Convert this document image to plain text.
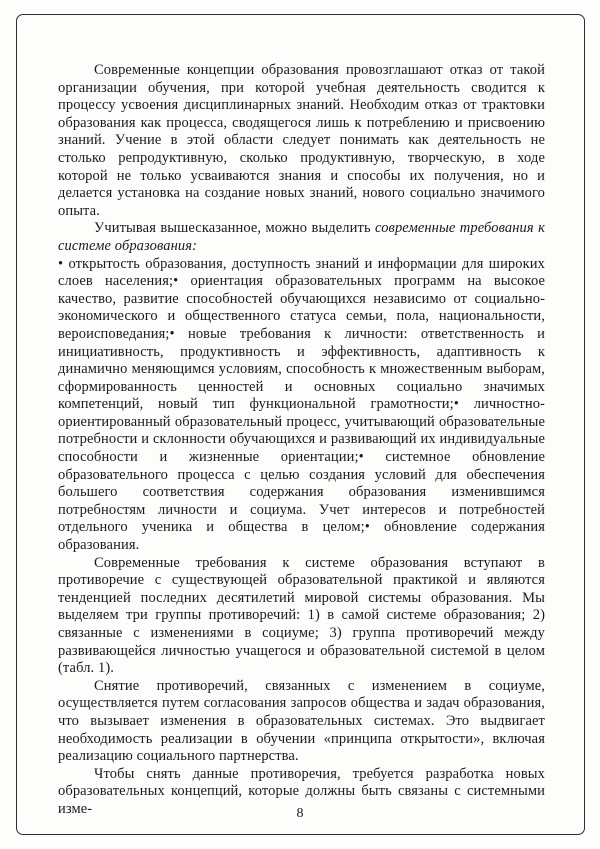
Современные концепции образования провозглашают отказ от такой организации обучения, при которой учебная деятельность сводится к процессу усвоения дисциплинарных знаний. Необходим отказ от трактовки образования как процесса, сводящегося лишь к потреблению и присвоению знаний. Учение в этой области следует понимать как деятельность не столько репродуктивную, сколько продуктивную, творческую, в ходе которой не только усваиваются знания и способы их получения, но и делается установка на создание новых знаний, нового социально значимого опыта.

Учитывая вышесказанное, можно выделить современные требования к системе образования:

• открытость образования, доступность знаний и информации для широких слоев населения;

• ориентация образовательных программ на высокое качество, развитие способностей обучающихся независимо от социально-экономического и общественного статуса семьи, пола, национальности, вероисповедания;

• новые требования к личности: ответственность и инициативность, продуктивность и эффективность, адаптивность к динамично меняющимся условиям, способность к множественным выборам, сформированность ценностей и основных социально значимых компетенций, новый тип функциональной грамотности;

• личностно-ориентированный образовательный процесс, учитывающий образовательные потребности и склонности обучающихся и развивающий их индивидуальные способности и жизненные ориентации;

• системное обновление образовательного процесса с целью создания условий для обеспечения большего соответствия содержания образования изменившимся потребностям личности и социума. Учет интересов и потребностей отдельного ученика и общества в целом;

• обновление содержания образования.

Современные требования к системе образования вступают в противоречие с существующей образовательной практикой и являются тенденцией последних десятилетий мировой системы образования. Мы выделяем три группы противоречий: 1) в самой системе образования; 2) связанные с изменениями в социуме; 3) группа противоречий между развивающейся личностью учащегося и образовательной системой в целом (табл. 1).

Снятие противоречий, связанных с изменением в социуме, осуществляется путем согласования запросов общества и задач образования, что вызывает изменения в образовательных системах. Это выдвигает необходимость реализации в обучении «принципа открытости», включая реализацию социального партнерства.

Чтобы снять данные противоречия, требуется разработка новых образовательных концепций, которые должны быть связаны с системными изме-	8
